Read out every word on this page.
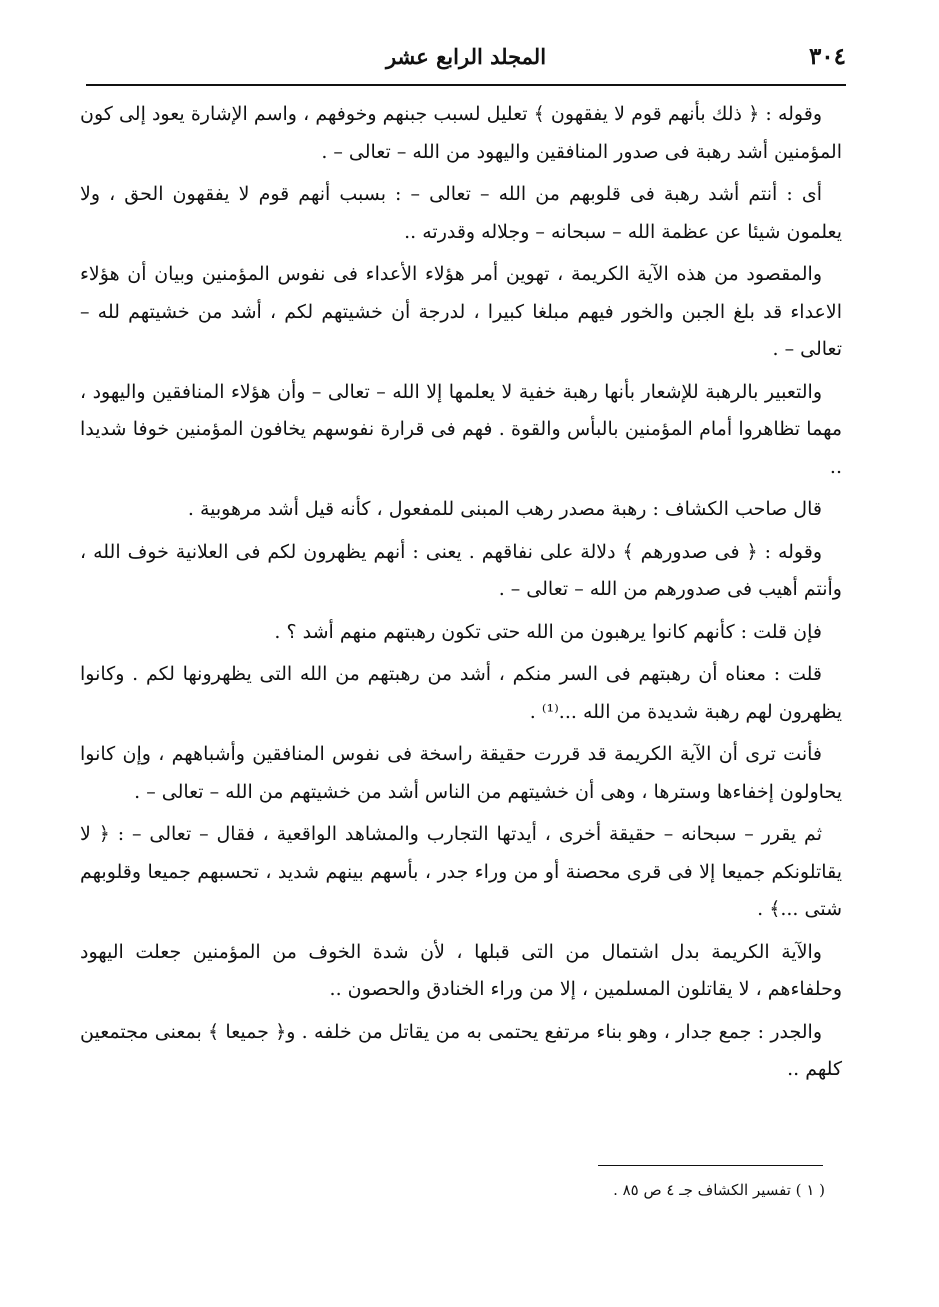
٣٠٤
المجلد الرابع عشر

وقوله : ﴿ ذلك بأنهم قوم لا يفقهون ﴾ تعليل لسبب جبنهم وخوفهم ، واسم الإشارة يعود إلى كون المؤمنين أشد رهبة فى صدور المنافقين واليهود من الله – تعالى – .

أى : أنتم أشد رهبة فى قلوبهم من الله – تعالى – : بسبب أنهم قوم لا يفقهون الحق ، ولا يعلمون شيئا عن عظمة الله – سبحانه – وجلاله وقدرته ..

والمقصود من هذه الآية الكريمة ، تهوين أمر هؤلاء الأعداء فى نفوس المؤمنين وبيان أن هؤلاء الاعداء قد بلغ الجبن والخور فيهم مبلغا كبيرا ، لدرجة أن خشيتهم لكم ، أشد من خشيتهم لله – تعالى – .

والتعبير بالرهبة للإشعار بأنها رهبة خفية لا يعلمها إلا الله – تعالى – وأن هؤلاء المنافقين واليهود ، مهما تظاهروا أمام المؤمنين بالبأس والقوة . فهم فى قرارة نفوسهم يخافون المؤمنين خوفا شديدا ..

قال صاحب الكشاف : رهبة مصدر رهب المبنى للمفعول ، كأنه قيل أشد مرهوبية .

وقوله : ﴿ فى صدورهم ﴾ دلالة على نفاقهم . يعنى : أنهم يظهرون لكم فى العلانية خوف الله ، وأنتم أهيب فى صدورهم من الله – تعالى – .

فإن قلت : كأنهم كانوا يرهبون من الله حتى تكون رهبتهم منهم أشد ؟ .

قلت : معناه أن رهبتهم فى السر منكم ، أشد من رهبتهم من الله التى يظهرونها لكم . وكانوا يظهرون لهم رهبة شديدة من الله ...⁽¹⁾ .

فأنت ترى أن الآية الكريمة قد قررت حقيقة راسخة فى نفوس المنافقين وأشباههم ، وإن كانوا يحاولون إخفاءها وسترها ، وهى أن خشيتهم من الناس أشد من خشيتهم من الله – تعالى – .

ثم يقرر – سبحانه – حقيقة أخرى ، أيدتها التجارب والمشاهد الواقعية ، فقال – تعالى – : ﴿ لا يقاتلونكم جميعا إلا فى قرى محصنة أو من وراء جدر ، بأسهم بينهم شديد ، تحسبهم جميعا وقلوبهم شتى ...﴾ .

والآية الكريمة بدل اشتمال من التى قبلها ، لأن شدة الخوف من المؤمنين جعلت اليهود وحلفاءهم ، لا يقاتلون المسلمين ، إلا من وراء الخنادق والحصون ..

والجدر : جمع جدار ، وهو بناء مرتفع يحتمى به من يقاتل من خلفه . و﴿ جميعا ﴾ بمعنى مجتمعين كلهم ..

( ١ ) تفسير الكشاف جـ ٤ ص ٨٥ .
